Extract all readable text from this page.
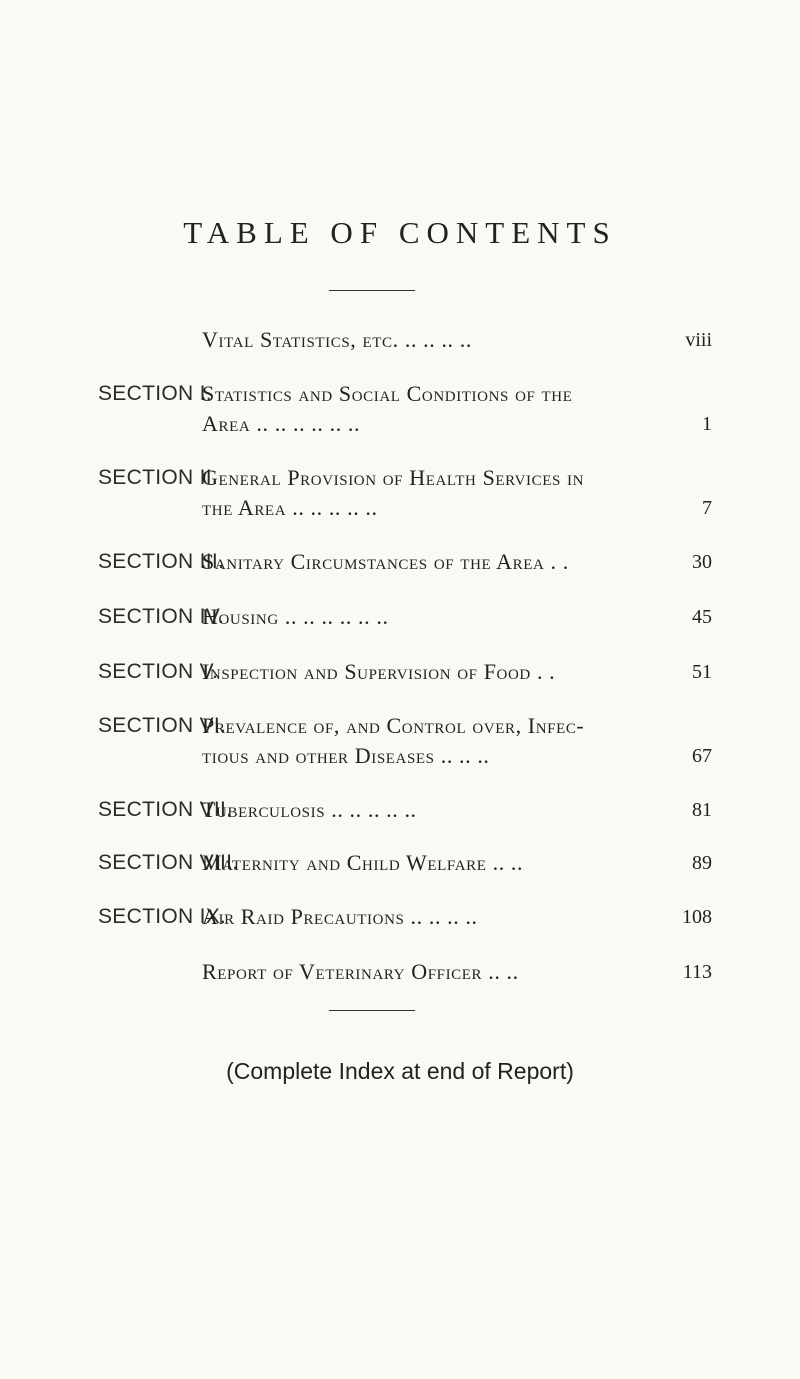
TABLE OF CONTENTS
Vital Statistics, etc. .. .. .. ..	viii
SECTION I.
Statistics and Social Conditions of the
Area .. .. .. .. .. ..	1
SECTION II.
General Provision of Health Services in
the Area .. .. .. .. ..	7
SECTION III.
Sanitary Circumstances of the Area . .	30
SECTION IV.
Housing .. .. .. .. .. ..	45
SECTION V.
Inspection and Supervision of Food . .	51
SECTION VI.
Prevalence of, and Control over, Infec-
tious and other Diseases .. .. ..	67
SECTION VII.
Tuberculosis .. .. .. .. ..	81
SECTION VIII.
Maternity and Child Welfare .. ..	89
SECTION IX.
Air Raid Precautions .. .. .. ..	108
Report of Veterinary Officer .. ..	113
(Complete Index at end of Report)
